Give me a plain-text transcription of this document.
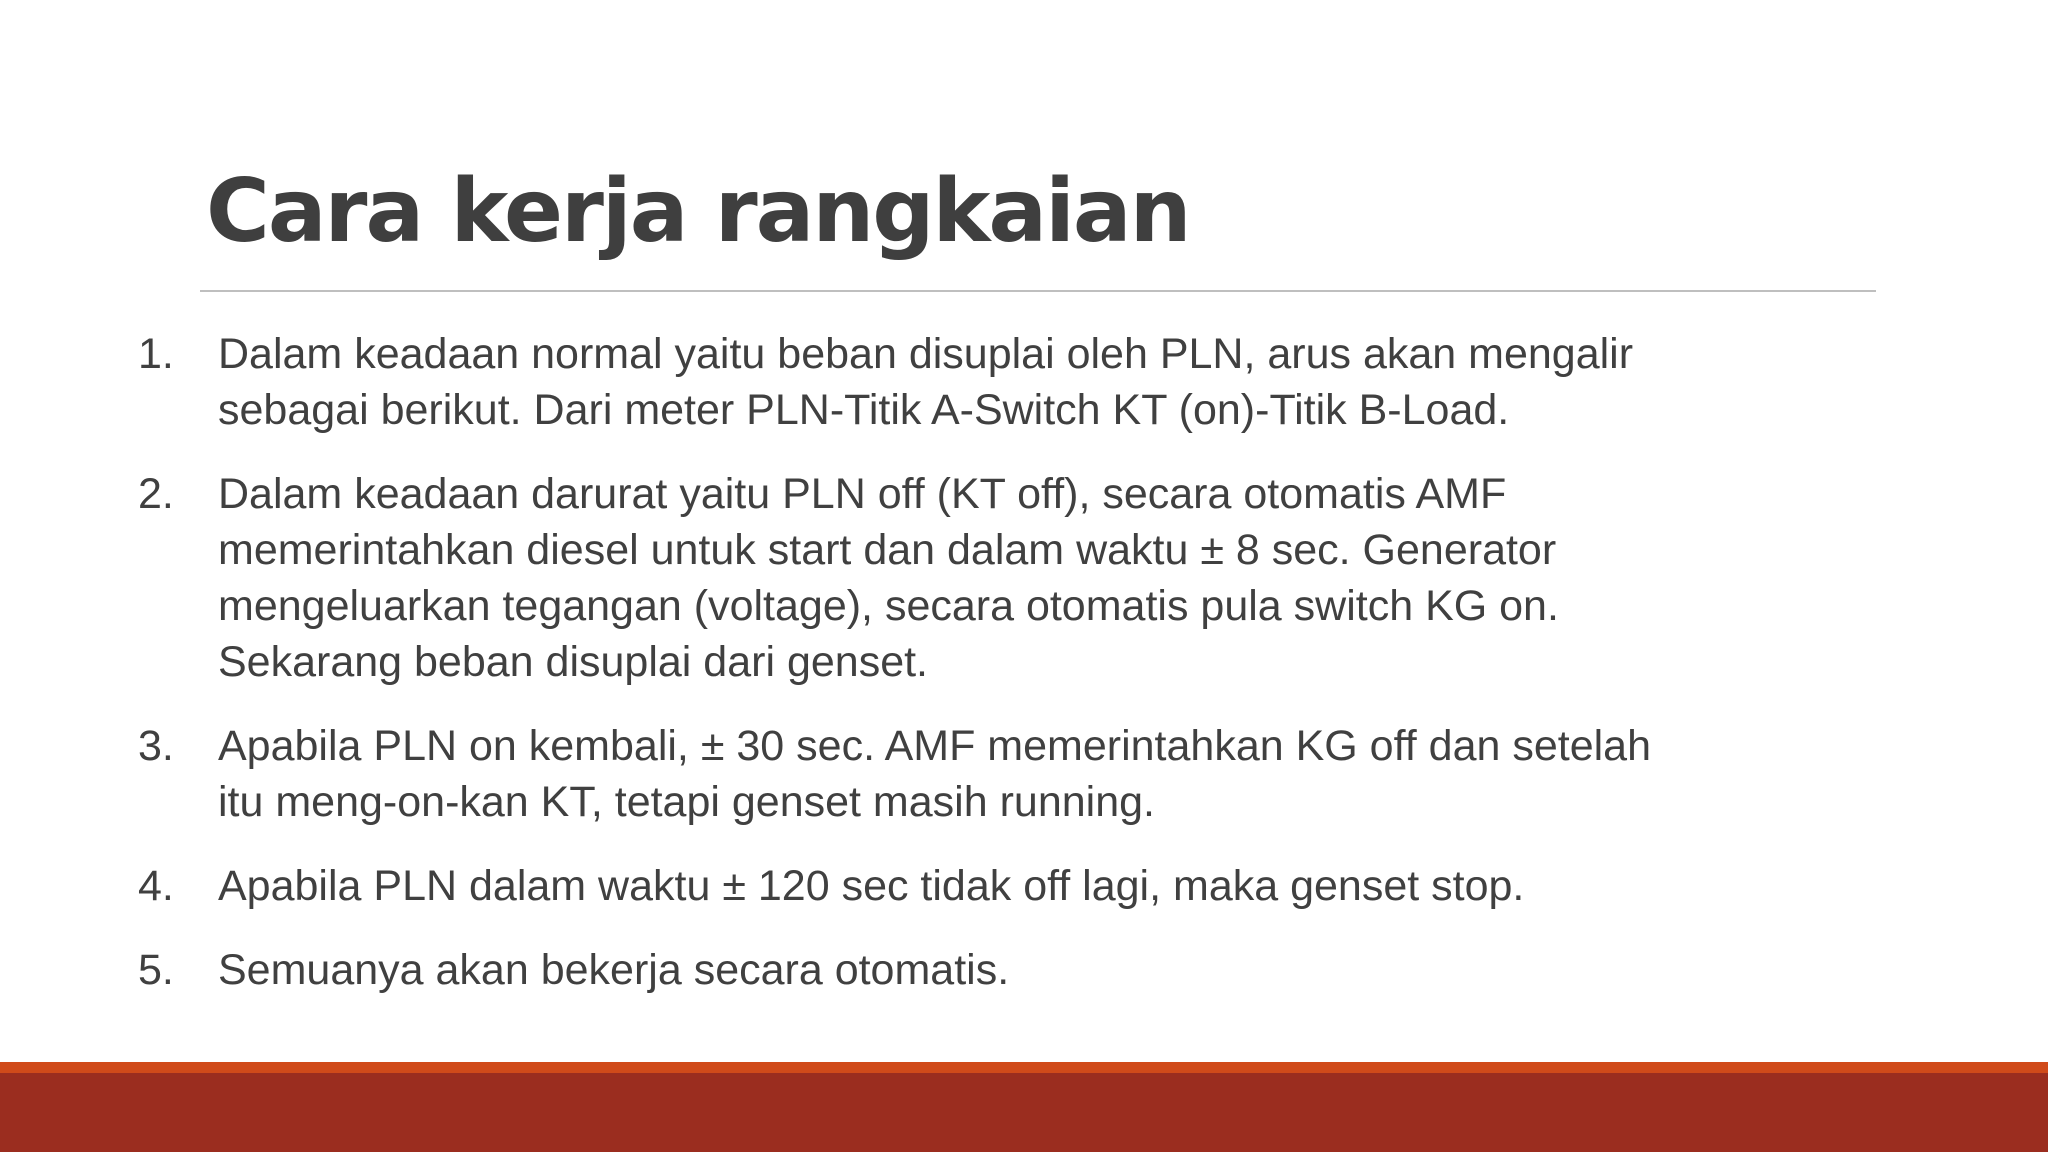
Cara kerja rangkaian
1.	Dalam keadaan normal yaitu beban disuplai oleh PLN, arus akan mengalir
sebagai berikut. Dari meter PLN-Titik A-Switch KT (on)-Titik B-Load.
2.	Dalam keadaan darurat yaitu PLN off (KT off), secara otomatis AMF
memerintahkan diesel untuk start dan dalam waktu ± 8 sec. Generator
mengeluarkan tegangan (voltage), secara otomatis pula switch KG on.
Sekarang beban disuplai dari genset.
3.	Apabila PLN on kembali, ± 30 sec. AMF memerintahkan KG off dan setelah
itu meng-on-kan KT, tetapi genset masih running.
4.	Apabila PLN dalam waktu ± 120 sec tidak off lagi, maka genset stop.
5.	Semuanya akan bekerja secara otomatis.
